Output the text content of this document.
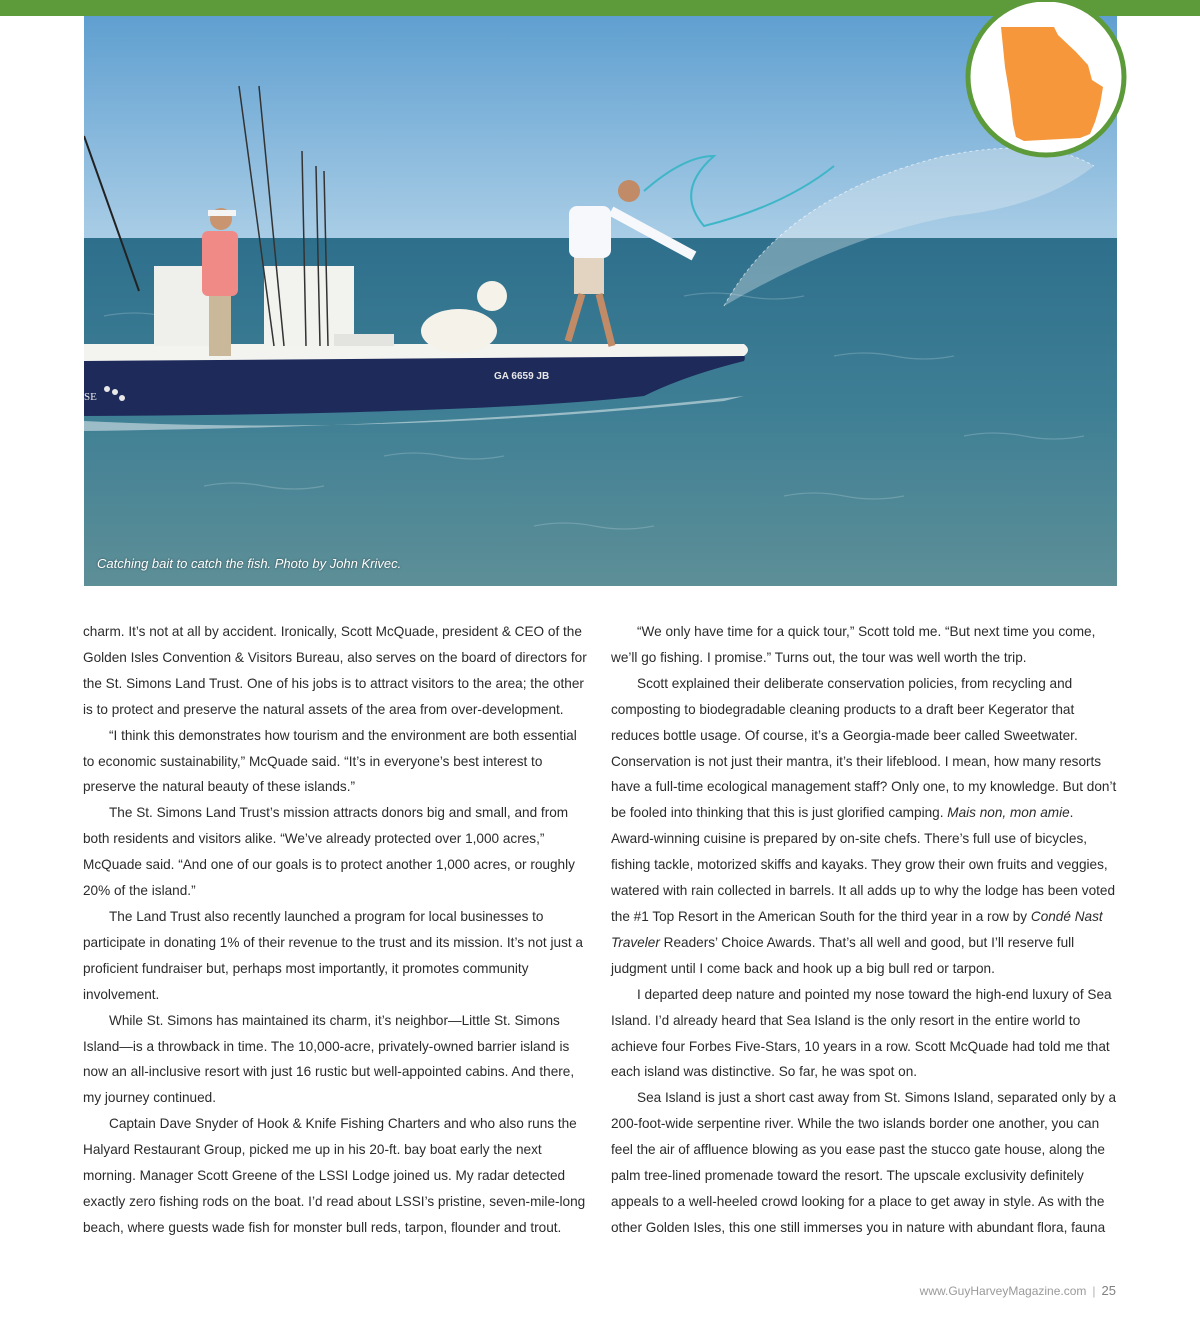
GA 6659 JB
SE
Catching bait to catch the fish. Photo by John Krivec.

charm. It’s not at all by accident. Ironically, Scott McQuade, president & CEO of the Golden Isles Convention & Visitors Bureau, also serves on the board of directors for the St. Simons Land Trust. One of his jobs is to attract visitors to the area; the other is to protect and preserve the natural assets of the area from over-development.

“I think this demonstrates how tourism and the environment are both essential to economic sustainability,” McQuade said. “It’s in everyone’s best interest to preserve the natural beauty of these islands.”

The St. Simons Land Trust’s mission attracts donors big and small, and from both residents and visitors alike. “We’ve already protected over 1,000 acres,” McQuade said. “And one of our goals is to protect another 1,000 acres, or roughly 20% of the island.”

The Land Trust also recently launched a program for local businesses to participate in donating 1% of their revenue to the trust and its mission. It’s not just a proficient fundraiser but, perhaps most importantly, it promotes community involvement.

While St. Simons has maintained its charm, it’s neighbor—Little St. Simons Island—is a throwback in time. The 10,000-acre, privately-owned barrier island is now an all-inclusive resort with just 16 rustic but well-appointed cabins. And there, my journey continued.

Captain Dave Snyder of Hook & Knife Fishing Charters and who also runs the Halyard Restaurant Group, picked me up in his 20-ft. bay boat early the next morning. Manager Scott Greene of the LSSI Lodge joined us. My radar detected exactly zero fishing rods on the boat. I’d read about LSSI’s pristine, seven-mile-long beach, where guests wade fish for monster bull reds, tarpon, flounder and trout.

“We only have time for a quick tour,” Scott told me. “But next time you come, we’ll go fishing. I promise.” Turns out, the tour was well worth the trip.

Scott explained their deliberate conservation policies, from recycling and composting to biodegradable cleaning products to a draft beer Kegerator that reduces bottle usage. Of course, it’s a Georgia-made beer called Sweetwater. Conservation is not just their mantra, it’s their lifeblood. I mean, how many resorts have a full-time ecological management staff? Only one, to my knowledge. But don’t be fooled into thinking that this is just glorified camping. Mais non, mon amie. Award-winning cuisine is prepared by on-site chefs. There’s full use of bicycles, fishing tackle, motorized skiffs and kayaks. They grow their own fruits and veggies, watered with rain collected in barrels. It all adds up to why the lodge has been voted the #1 Top Resort in the American South for the third year in a row by Condé Nast Traveler Readers’ Choice Awards. That’s all well and good, but I’ll reserve full judgment until I come back and hook up a big bull red or tarpon.

I departed deep nature and pointed my nose toward the high-end luxury of Sea Island. I’d already heard that Sea Island is the only resort in the entire world to achieve four Forbes Five-Stars, 10 years in a row. Scott McQuade had told me that each island was distinctive. So far, he was spot on.

Sea Island is just a short cast away from St. Simons Island, separated only by a 200-foot-wide serpentine river. While the two islands border one another, you can feel the air of affluence blowing as you ease past the stucco gate house, along the palm tree-lined promenade toward the resort. The upscale exclusivity definitely appeals to a well-heeled crowd looking for a place to get away in style. As with the other Golden Isles, this one still immerses you in nature with abundant flora, fauna

www.GuyHarveyMagazine.com | 25
